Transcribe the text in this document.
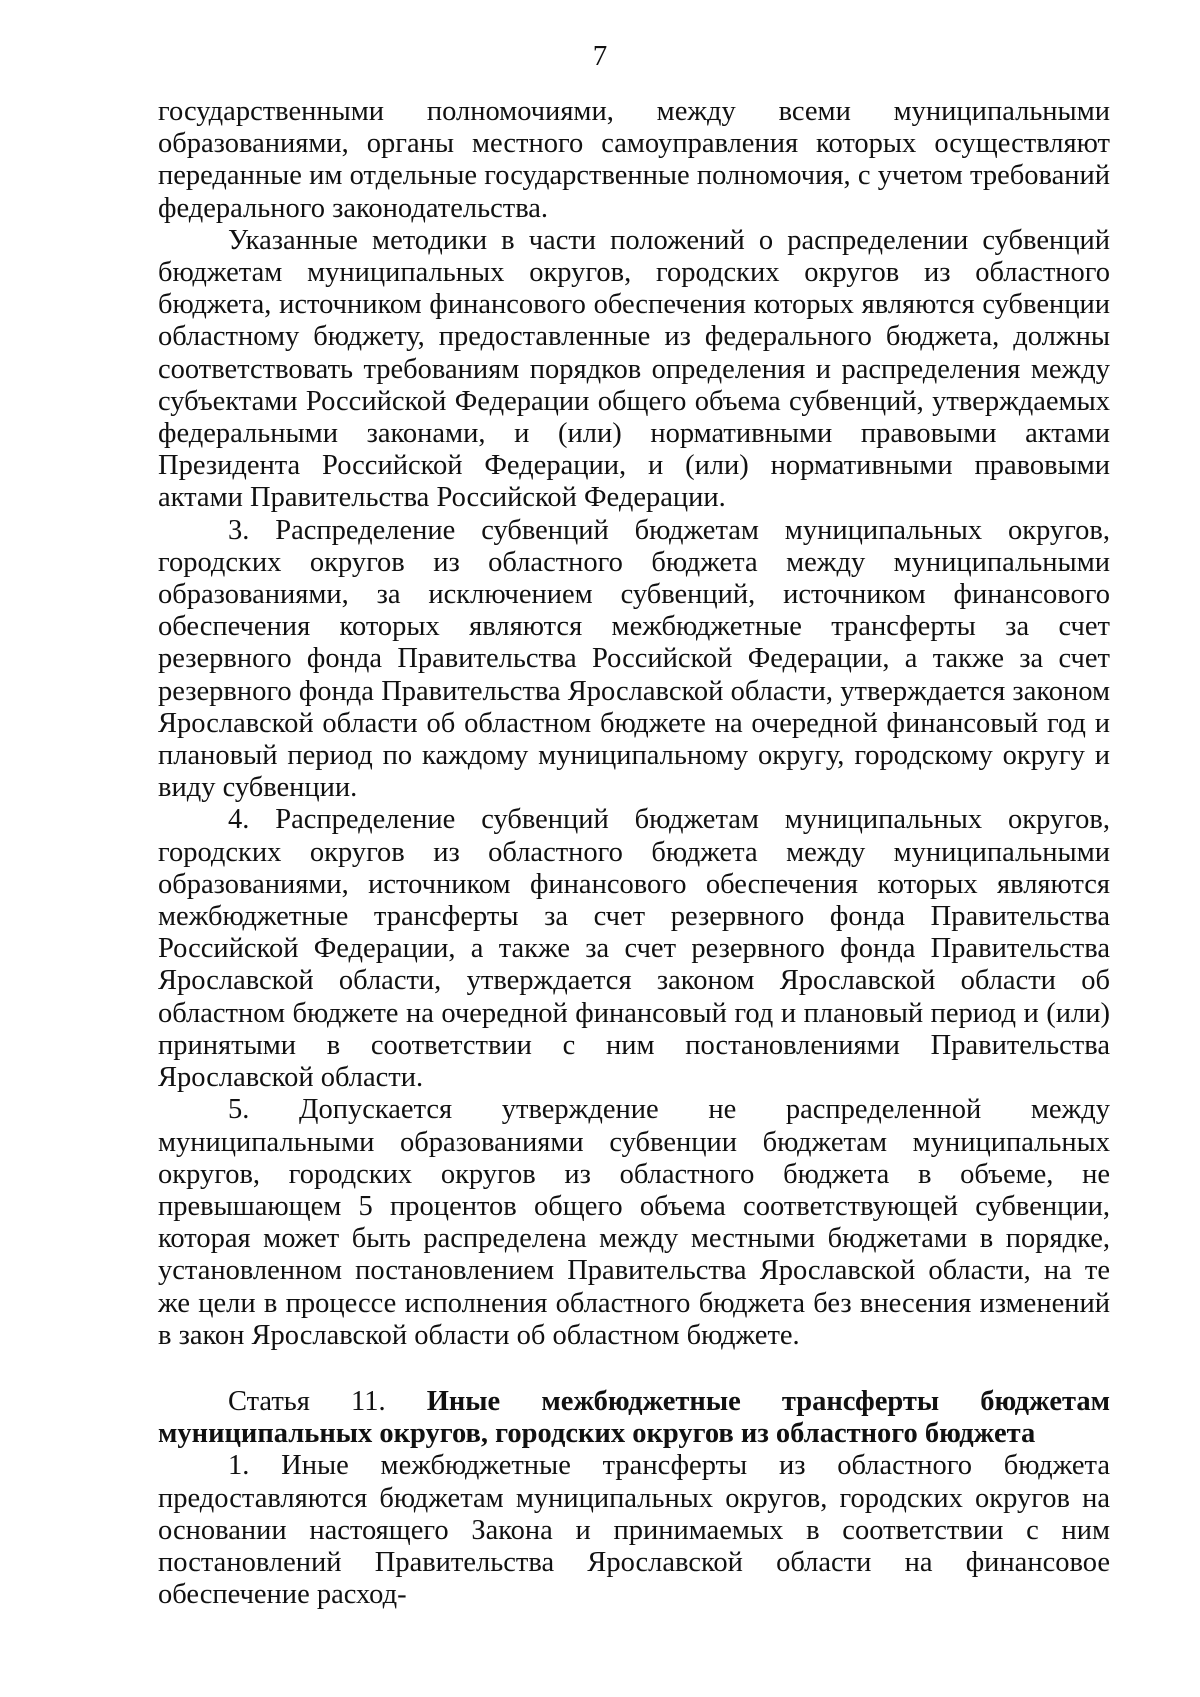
7

государственными полномочиями, между всеми муниципальными образованиями, органы местного самоуправления которых осуществляют переданные им отдельные государственные полномочия, с учетом требований федерального законодательства.

Указанные методики в части положений о распределении субвенций бюджетам муниципальных округов, городских округов из областного бюджета, источником финансового обеспечения которых являются субвенции областному бюджету, предоставленные из федерального бюджета, должны соответствовать требованиям порядков определения и распределения между субъектами Российской Федерации общего объема субвенций, утверждаемых федеральными законами, и (или) нормативными правовыми актами Президента Российской Федерации, и (или) нормативными правовыми актами Правительства Российской Федерации.

3. Распределение субвенций бюджетам муниципальных округов, городских округов из областного бюджета между муниципальными образованиями, за исключением субвенций, источником финансового обеспечения которых являются межбюджетные трансферты за счет резервного фонда Правительства Российской Федерации, а также за счет резервного фонда Правительства Ярославской области, утверждается законом Ярославской области об областном бюджете на очередной финансовый год и плановый период по каждому муниципальному округу, городскому округу и виду субвенции.

4. Распределение субвенций бюджетам муниципальных округов, городских округов из областного бюджета между муниципальными образованиями, источником финансового обеспечения которых являются межбюджетные трансферты за счет резервного фонда Правительства Российской Федерации, а также за счет резервного фонда Правительства Ярославской области, утверждается законом Ярославской области об областном бюджете на очередной финансовый год и плановый период и (или) принятыми в соответствии с ним постановлениями Правительства Ярославской области.

5. Допускается утверждение не распределенной между муниципальными образованиями субвенции бюджетам муниципальных округов, городских округов из областного бюджета в объеме, не превышающем 5 процентов общего объема соответствующей субвенции, которая может быть распределена между местными бюджетами в порядке, установленном постановлением Правительства Ярославской области, на те же цели в процессе исполнения областного бюджета без внесения изменений в закон Ярославской области об областном бюджете.

Статья 11. Иные межбюджетные трансферты бюджетам муниципальных округов, городских округов из областного бюджета

1. Иные межбюджетные трансферты из областного бюджета предоставляются бюджетам муниципальных округов, городских округов на основании настоящего Закона и принимаемых в соответствии с ним постановлений Правительства Ярославской области на финансовое обеспечение расход-
